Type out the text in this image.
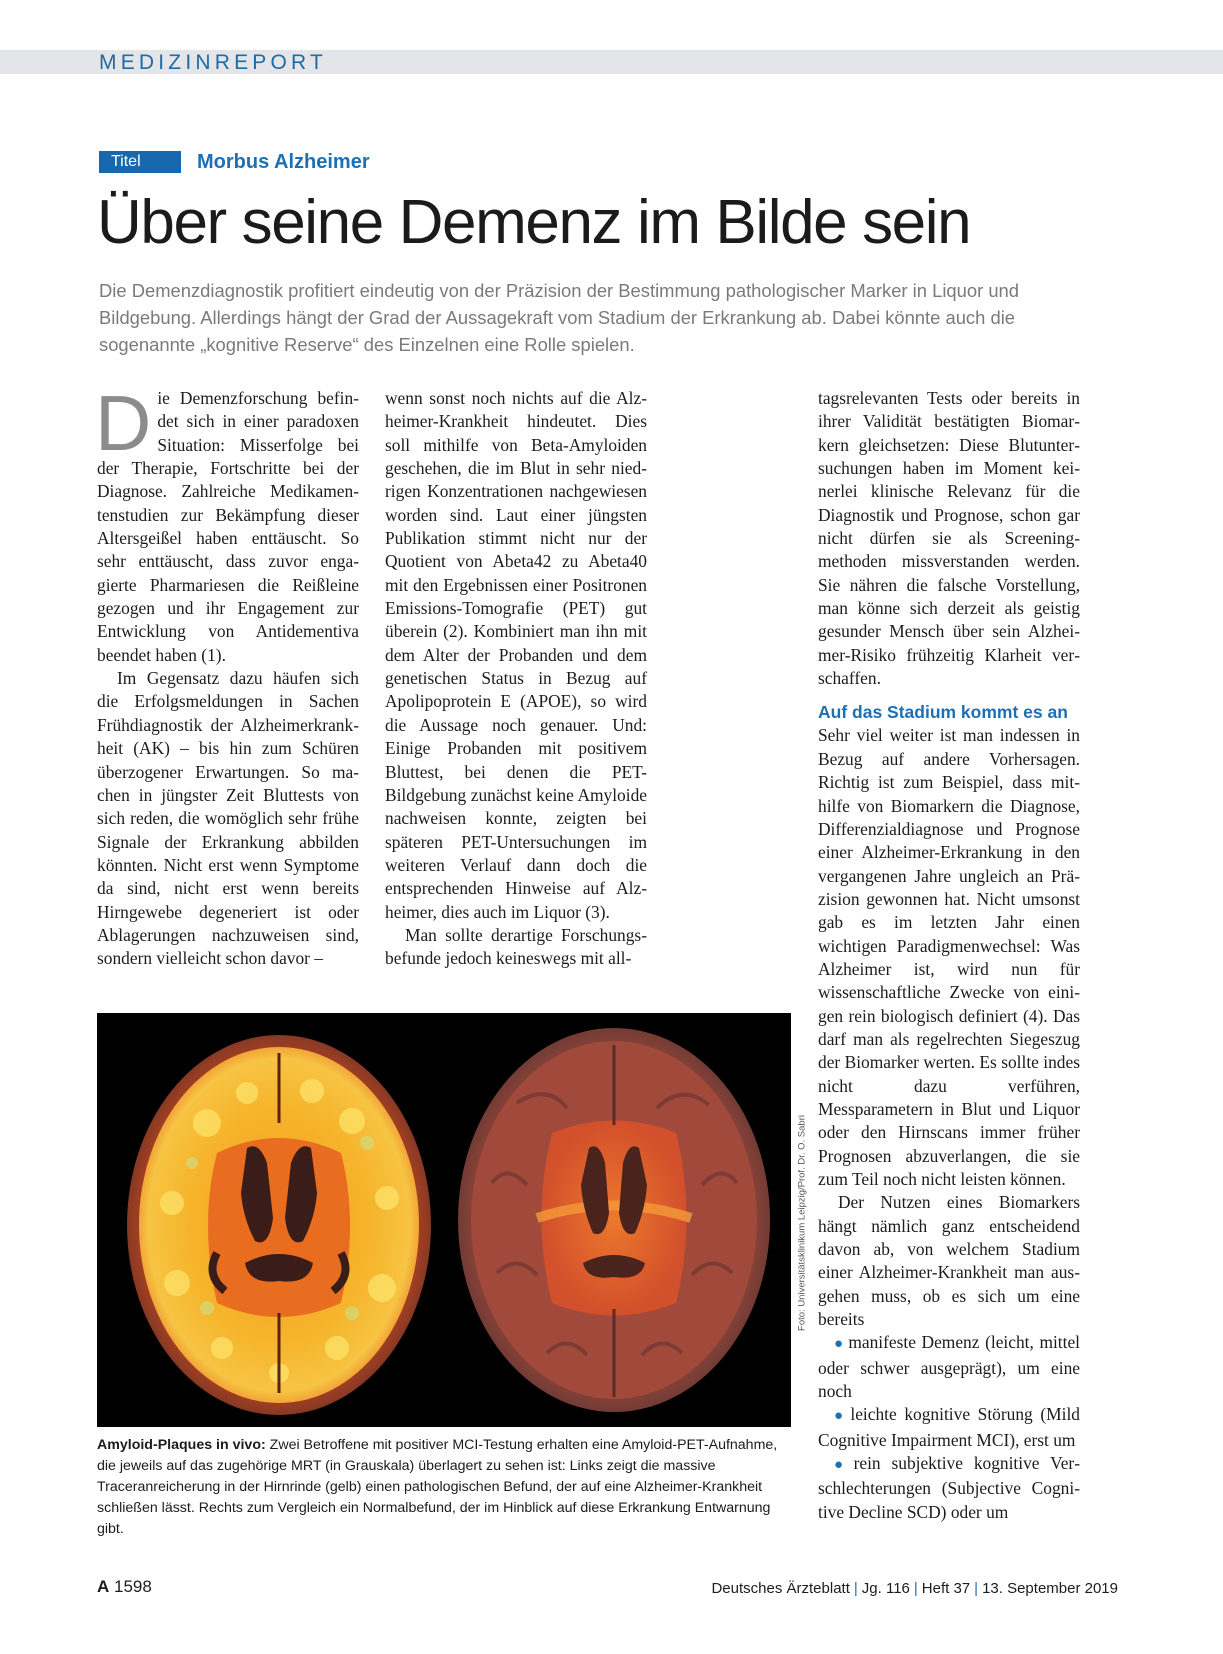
MEDIZINREPORT
Titel	Morbus Alzheimer
Über seine Demenz im Bilde sein
Die Demenzdiagnostik profitiert eindeutig von der Präzision der Bestimmung pathologischer Marker in Liquor und Bildgebung. Allerdings hängt der Grad der Aussagekraft vom Stadium der Erkrankung ab. Dabei könnte auch die sogenannte „kognitive Reserve“ des Einzelnen eine Rolle spielen.

Die Demenzforschung befindet sich in einer paradoxen Situation: Misserfolge bei der Therapie, Fortschritte bei der Diagnose. Zahlreiche Medikamentenstudien zur Bekämpfung dieser Altersgeißel haben enttäuscht. So sehr enttäuscht, dass zuvor engagierte Pharmariesen die Reißleine gezogen und ihr Engagement zur Entwicklung von Antidementiva beendet haben (1).

Im Gegensatz dazu häufen sich die Erfolgsmeldungen in Sachen Frühdiagnostik der Alzheimerkrankheit (AK) – bis hin zum Schüren überzogener Erwartungen. So machen in jüngster Zeit Bluttests von sich reden, die womöglich sehr frühe Signale der Erkrankung abbilden könnten. Nicht erst wenn Symptome da sind, nicht erst wenn bereits Hirngewebe degeneriert ist oder Ablagerungen nachzuweisen sind, sondern vielleicht schon davor –

wenn sonst noch nichts auf die Alzheimer-Krankheit hindeutet. Dies soll mithilfe von Beta-Amyloiden geschehen, die im Blut in sehr niedrigen Konzentrationen nachgewiesen worden sind. Laut einer jüngsten Publikation stimmt nicht nur der Quotient von Abeta42 zu Abeta40 mit den Ergebnissen einer Positronen Emissions-Tomografie (PET) gut überein (2). Kombiniert man ihn mit dem Alter der Probanden und dem genetischen Status in Bezug auf Apolipoprotein E (APOE), so wird die Aussage noch genauer. Und: Einige Probanden mit positivem Bluttest, bei denen die PET-Bildgebung zunächst keine Amyloide nachweisen konnte, zeigten bei späteren PET-Untersuchungen im weiteren Verlauf dann doch die entsprechenden Hinweise auf Alzheimer, dies auch im Liquor (3).

Man sollte derartige Forschungsbefunde jedoch keineswegs mit all-

tagsrelevanten Tests oder bereits in ihrer Validität bestätigten Biomarkern gleichsetzen: Diese Blutuntersuchungen haben im Moment keinerlei klinische Relevanz für die Diagnostik und Prognose, schon gar nicht dürfen sie als Screeningmethoden missverstanden werden. Sie nähren die falsche Vorstellung, man könne sich derzeit als geistig gesunder Mensch über sein Alzheimer-Risiko frühzeitig Klarheit verschaffen.

Auf das Stadium kommt es an

Sehr viel weiter ist man indessen in Bezug auf andere Vorhersagen. Richtig ist zum Beispiel, dass mithilfe von Biomarkern die Diagnose, Differenzialdiagnose und Prognose einer Alzheimer-Erkrankung in den vergangenen Jahre ungleich an Präzision gewonnen hat. Nicht umsonst gab es im letzten Jahr einen wichtigen Paradigmenwechsel: Was Alzheimer ist, wird nun für wissenschaftliche Zwecke von einigen rein biologisch definiert (4). Das darf man als regelrechten Siegeszug der Biomarker werten. Es sollte indes nicht dazu verführen, Messparametern in Blut und Liquor oder den Hirnscans immer früher Prognosen abzuverlangen, die sie zum Teil noch nicht leisten können.

Der Nutzen eines Biomarkers hängt nämlich ganz entscheidend davon ab, von welchem Stadium einer Alzheimer-Krankheit man ausgehen muss, ob es sich um eine bereits

● manifeste Demenz (leicht, mittel oder schwer ausgeprägt), um eine noch

● leichte kognitive Störung (Mild Cognitive Impairment MCI), erst um

● rein subjektive kognitive Verschlechterungen (Subjective Cognitive Decline SCD) oder um

Foto: Universitätsklinikum Leipzig/Prof. Dr. O. Sabri
Amyloid-Plaques in vivo: Zwei Betroffene mit positiver MCI-Testung erhalten eine Amyloid-PET-Aufnahme, die jeweils auf das zugehörige MRT (in Grauskala) überlagert zu sehen ist: Links zeigt die massive Traceranreicherung in der Hirnrinde (gelb) einen pathologischen Befund, der auf eine Alzheimer-Krankheit schließen lässt. Rechts zum Vergleich ein Normalbefund, der im Hinblick auf diese Erkrankung Entwarnung gibt.
A 1598	Deutsches Ärzteblatt | Jg. 116 | Heft 37 | 13. September 2019
